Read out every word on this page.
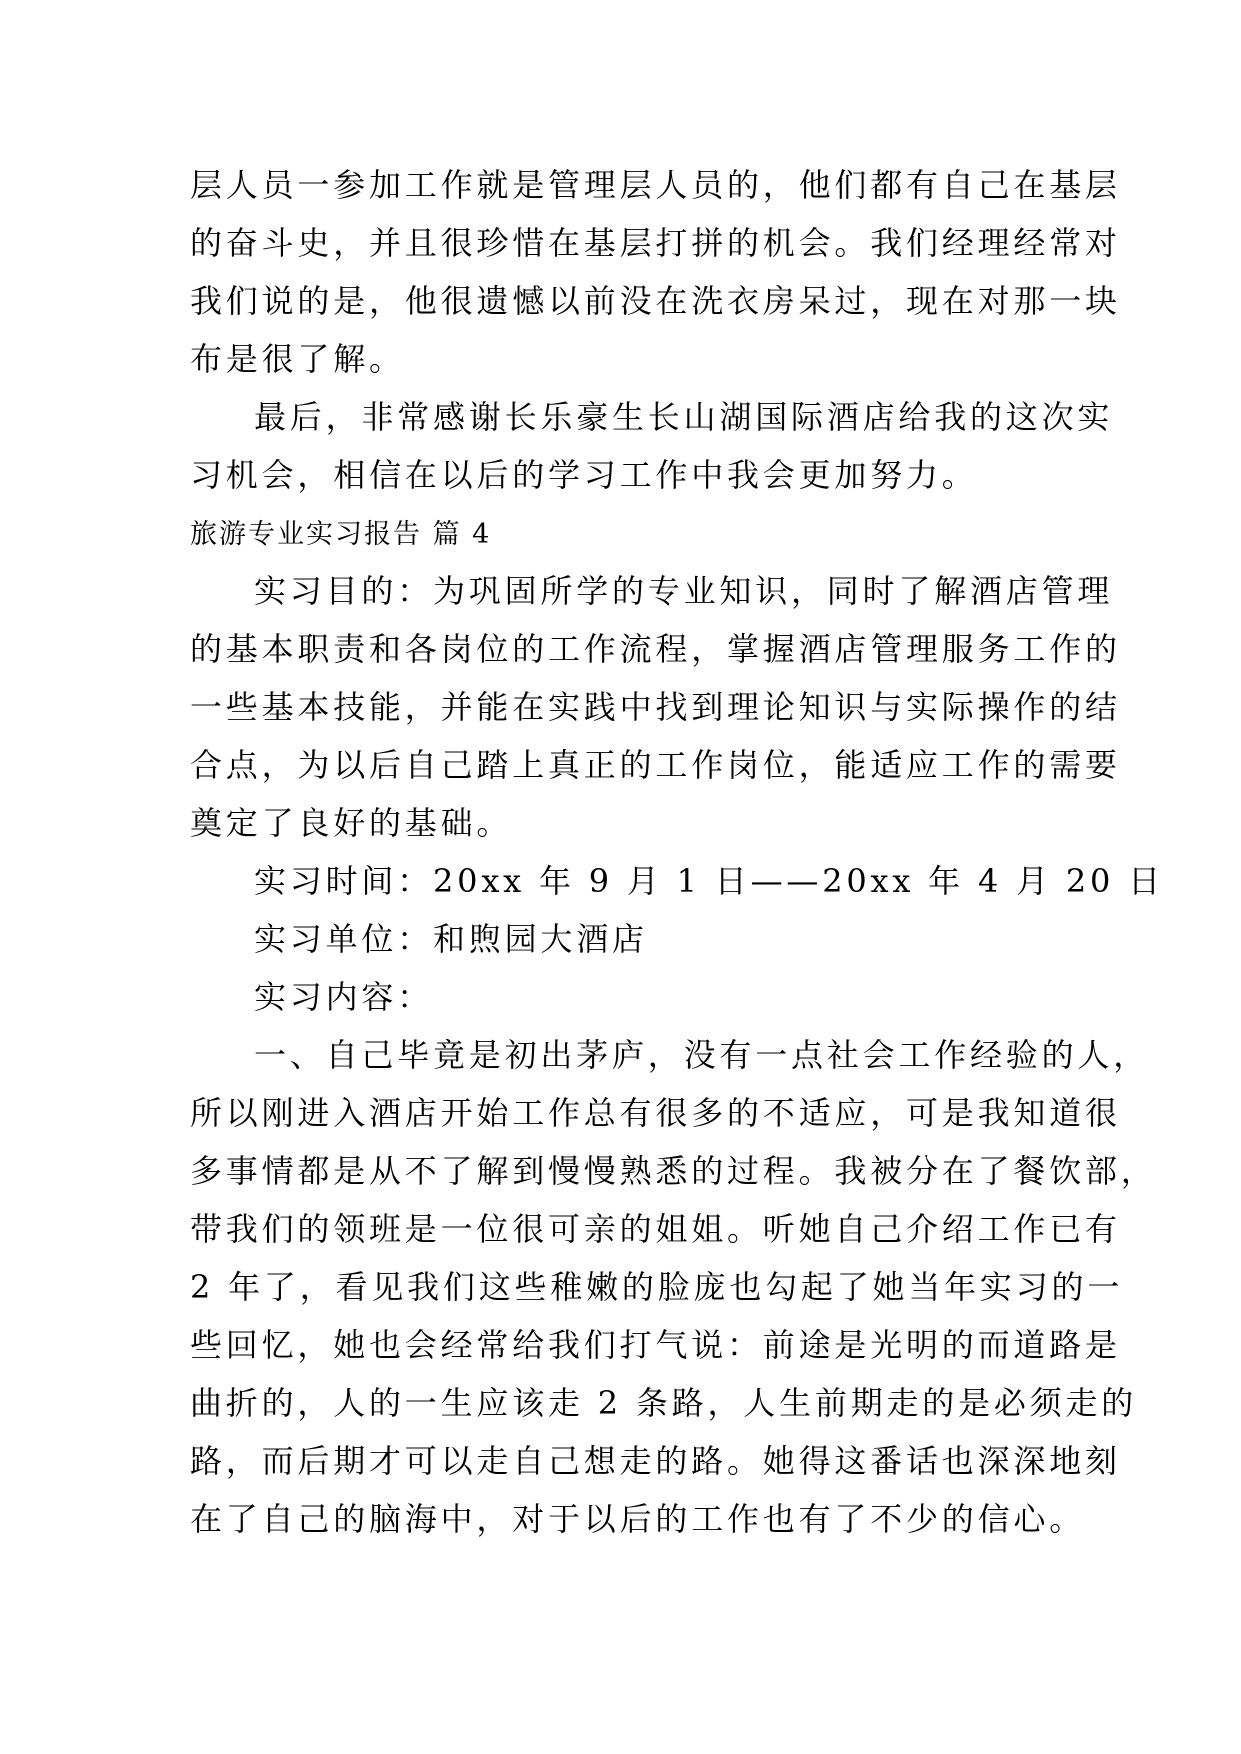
层人员一参加工作就是管理层人员的，他们都有自己在基层
的奋斗史，并且很珍惜在基层打拼的机会。我们经理经常对
我们说的是，他很遗憾以前没在洗衣房呆过，现在对那一块
布是很了解。
最后，非常感谢长乐豪生长山湖国际酒店给我的这次实
习机会，相信在以后的学习工作中我会更加努力。
旅游专业实习报告 篇 4
实习目的：为巩固所学的专业知识，同时了解酒店管理
的基本职责和各岗位的工作流程，掌握酒店管理服务工作的
一些基本技能，并能在实践中找到理论知识与实际操作的结
合点，为以后自己踏上真正的工作岗位，能适应工作的需要
奠定了良好的基础。
实习时间：20xx 年 9 月 1 日——20xx 年 4 月 20 日
实习单位：和煦园大酒店
实习内容：
一、自己毕竟是初出茅庐，没有一点社会工作经验的人，
所以刚进入酒店开始工作总有很多的不适应，可是我知道很
多事情都是从不了解到慢慢熟悉的过程。我被分在了餐饮部，
带我们的领班是一位很可亲的姐姐。听她自己介绍工作已有
2 年了，看见我们这些稚嫩的脸庞也勾起了她当年实习的一
些回忆，她也会经常给我们打气说：前途是光明的而道路是
曲折的，人的一生应该走 2 条路，人生前期走的是必须走的
路，而后期才可以走自己想走的路。她得这番话也深深地刻
在了自己的脑海中，对于以后的工作也有了不少的信心。
